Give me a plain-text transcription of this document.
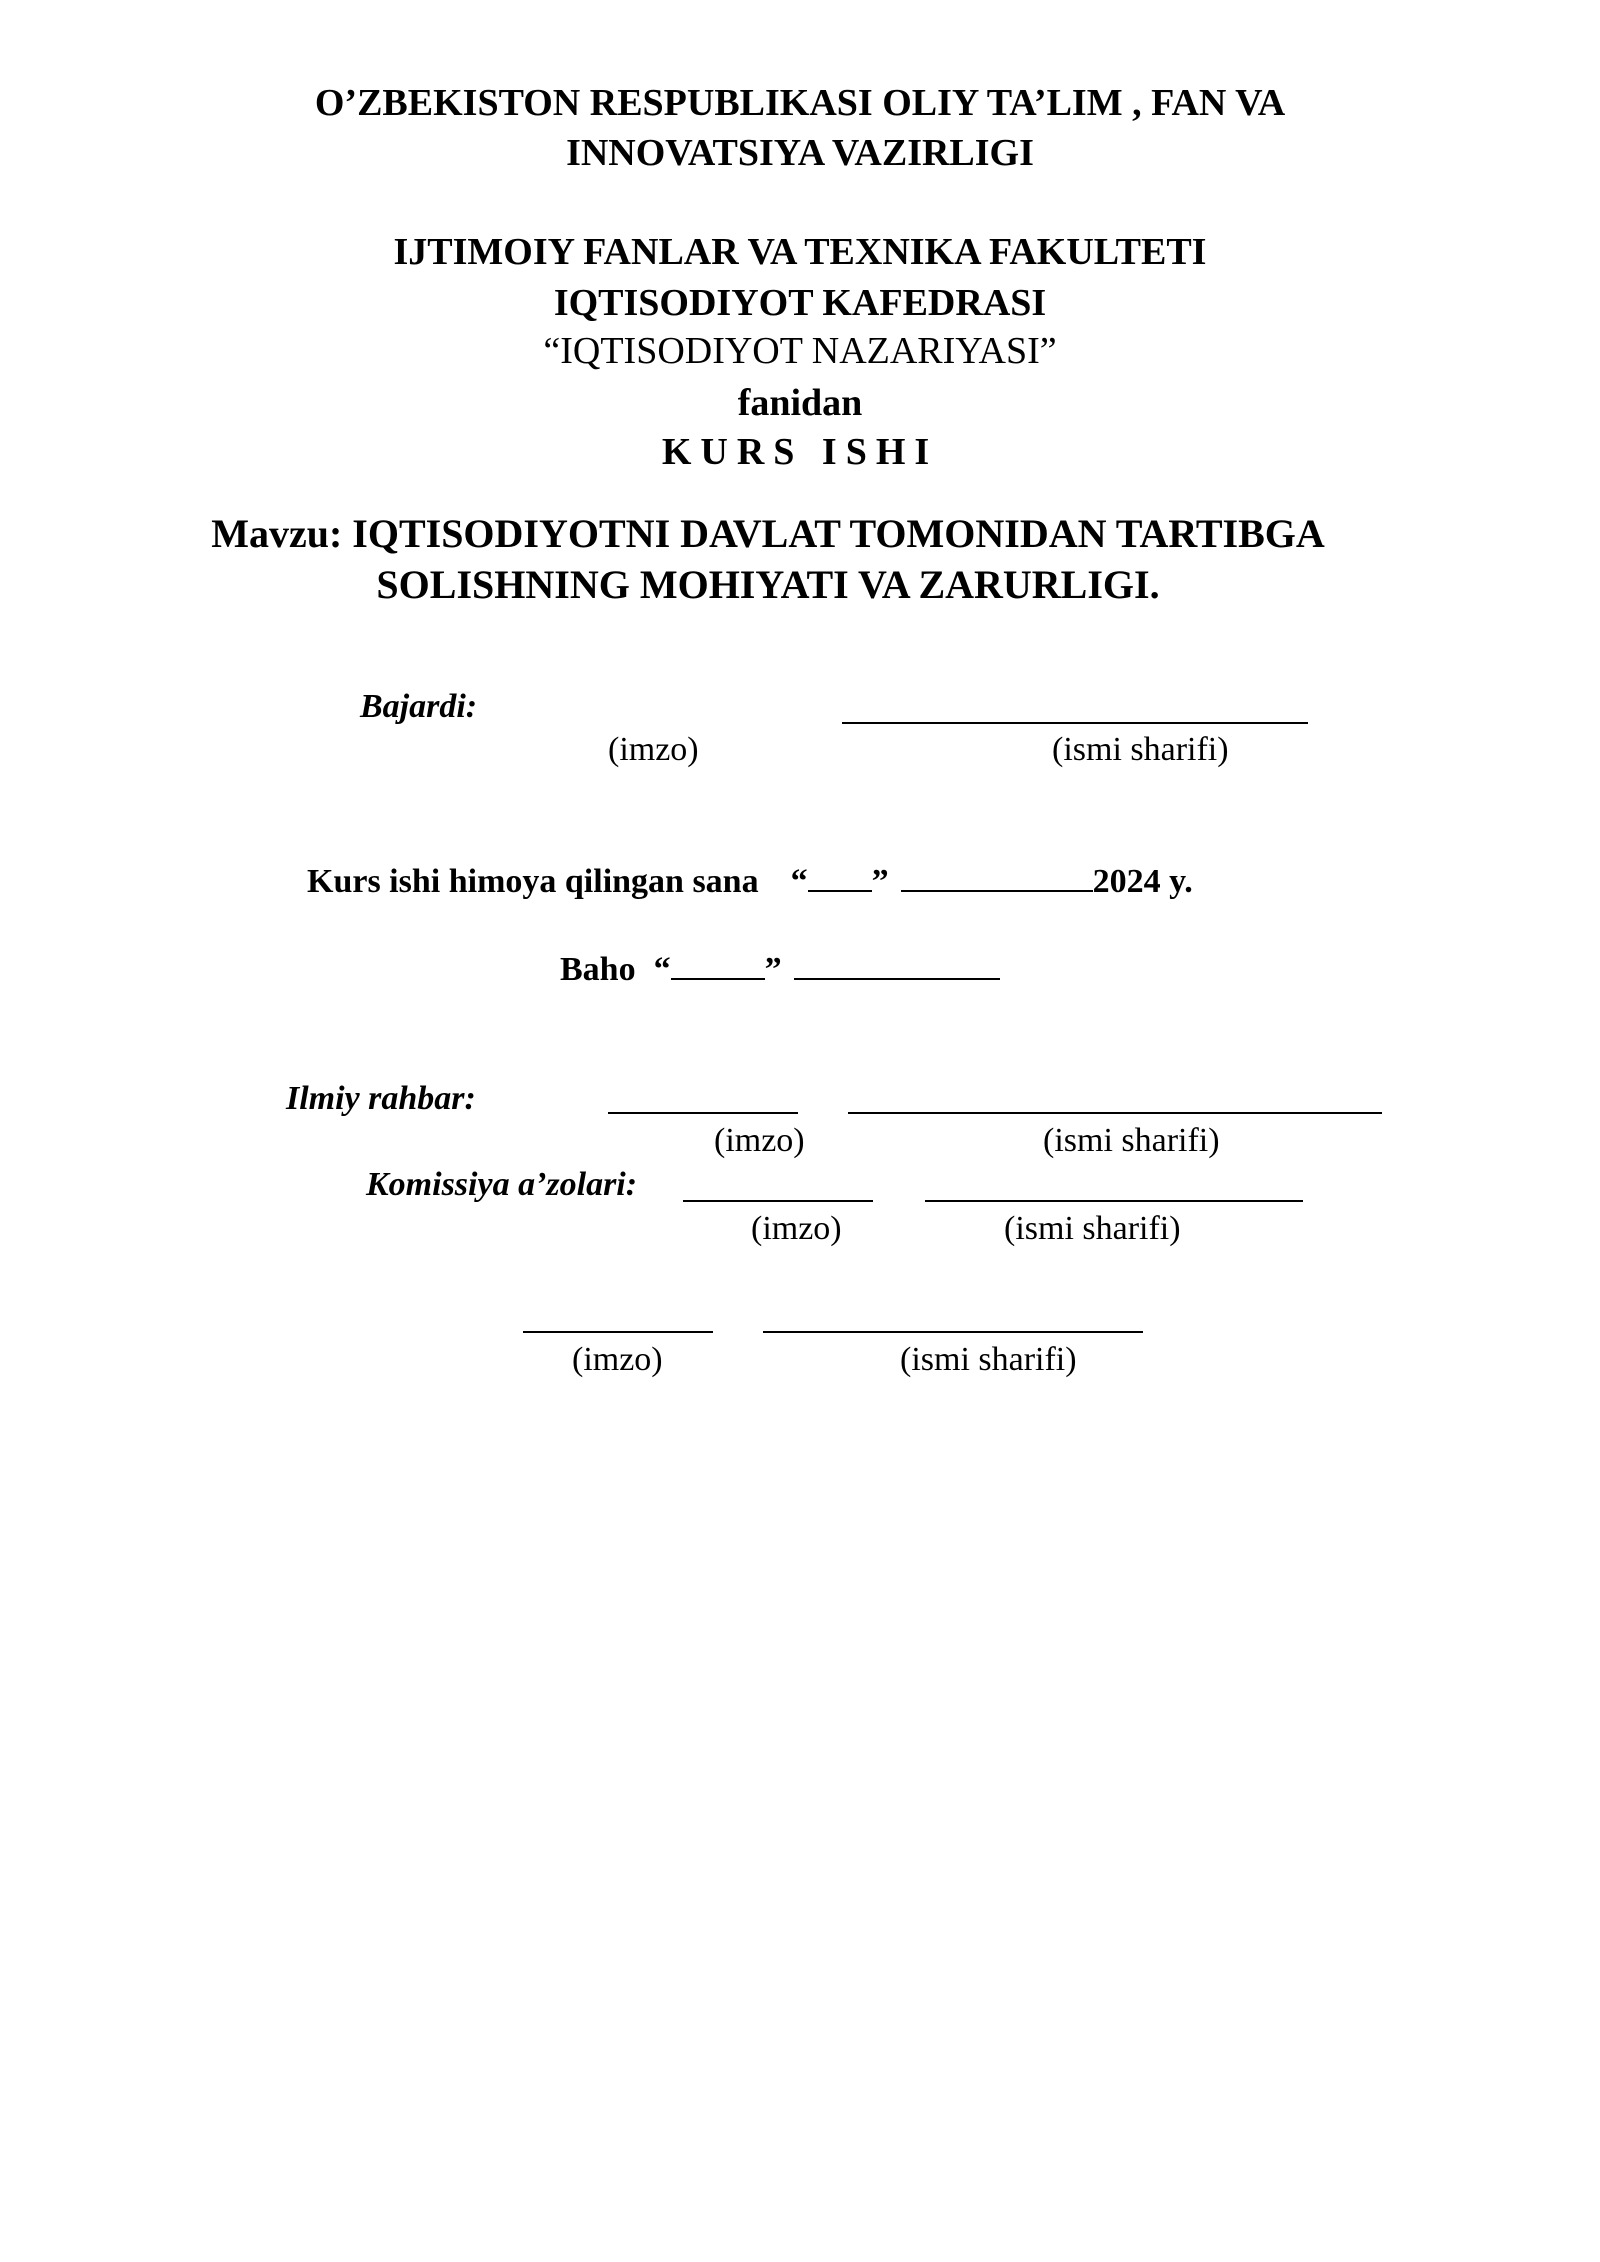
O’ZBEKISTON RESPUBLIKASI OLIY TA’LIM , FAN VA
INNOVATSIYA VAZIRLIGI
IJTIMOIY FANLAR VA TEXNIKA FAKULTETI
IQTISODIYOT KAFEDRASI
“IQTISODIYOT NAZARIYASI”
fanidan
KURS ISHI
Mavzu: IQTISODIYOTNI DAVLAT TOMONIDAN TARTIBGA
SOLISHNING MOHIYATI VA ZARURLIGI.
Bajardi:
(imzo)	(ismi sharifi)
Kurs ishi himoya qilingan sana “ ”	2024 y.
Baho “	”
Ilmiy rahbar:
(imzo)	(ismi sharifi)
Komissiya a’zolari:
(imzo)	(ismi sharifi)
(imzo)	(ismi sharifi)
